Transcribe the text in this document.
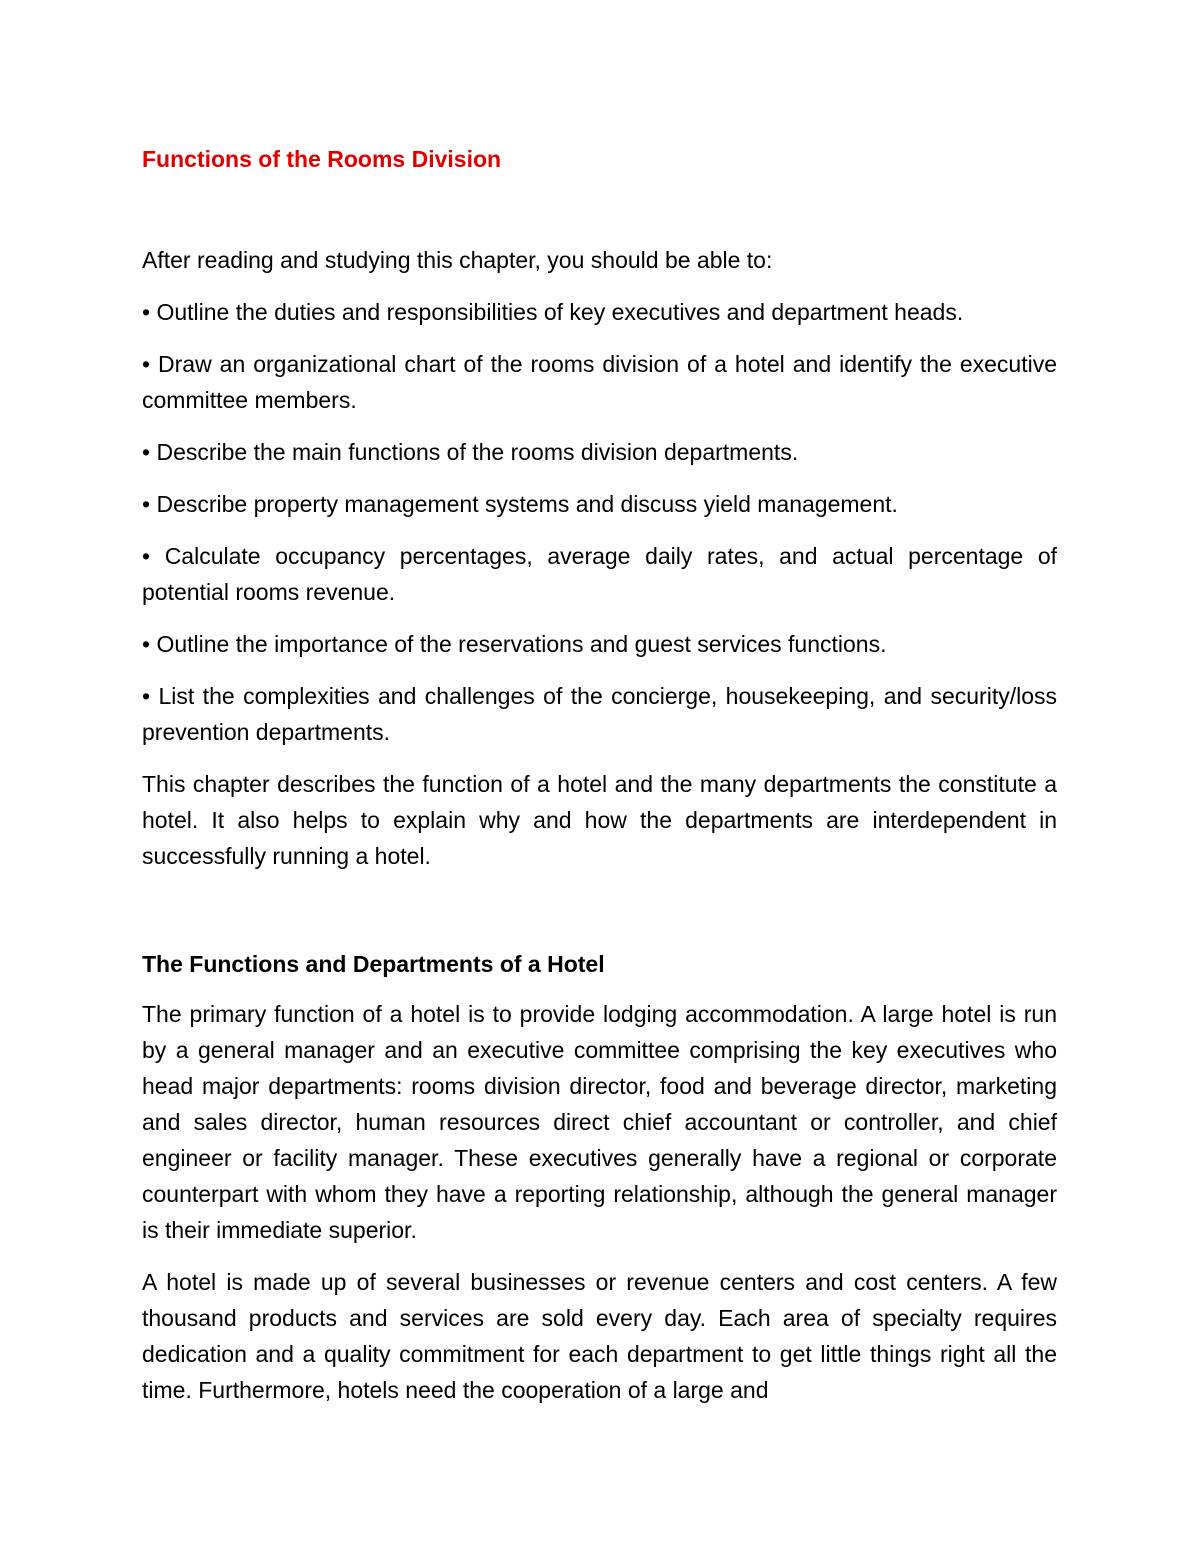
Functions of the Rooms Division

After reading and studying this chapter, you should be able to:

• Outline the duties and responsibilities of key executives and department heads.
• Draw an organizational chart of the rooms division of a hotel and identify the executive committee members.
• Describe the main functions of the rooms division departments.
• Describe property management systems and discuss yield management.
• Calculate occupancy percentages, average daily rates, and actual percentage of potential rooms revenue.
• Outline the importance of the reservations and guest services functions.
• List the complexities and challenges of the concierge, housekeeping, and security/loss prevention departments.

This chapter describes the function of a hotel and the many departments the constitute a hotel. It also helps to explain why and how the departments are interdependent in successfully running a hotel.

The Functions and Departments of a Hotel

The primary function of a hotel is to provide lodging accommodation. A large hotel is run by a general manager and an executive committee comprising the key executives who head major departments: rooms division director, food and beverage director, marketing and sales director, human resources direct chief accountant or controller, and chief engineer or facility manager. These executives generally have a regional or corporate counterpart with whom they have a reporting relationship, although the general manager is their immediate superior.

A hotel is made up of several businesses or revenue centers and cost centers. A few thousand products and services are sold every day. Each area of specialty requires dedication and a quality commitment for each department to get little things right all the time. Furthermore, hotels need the cooperation of a large and
